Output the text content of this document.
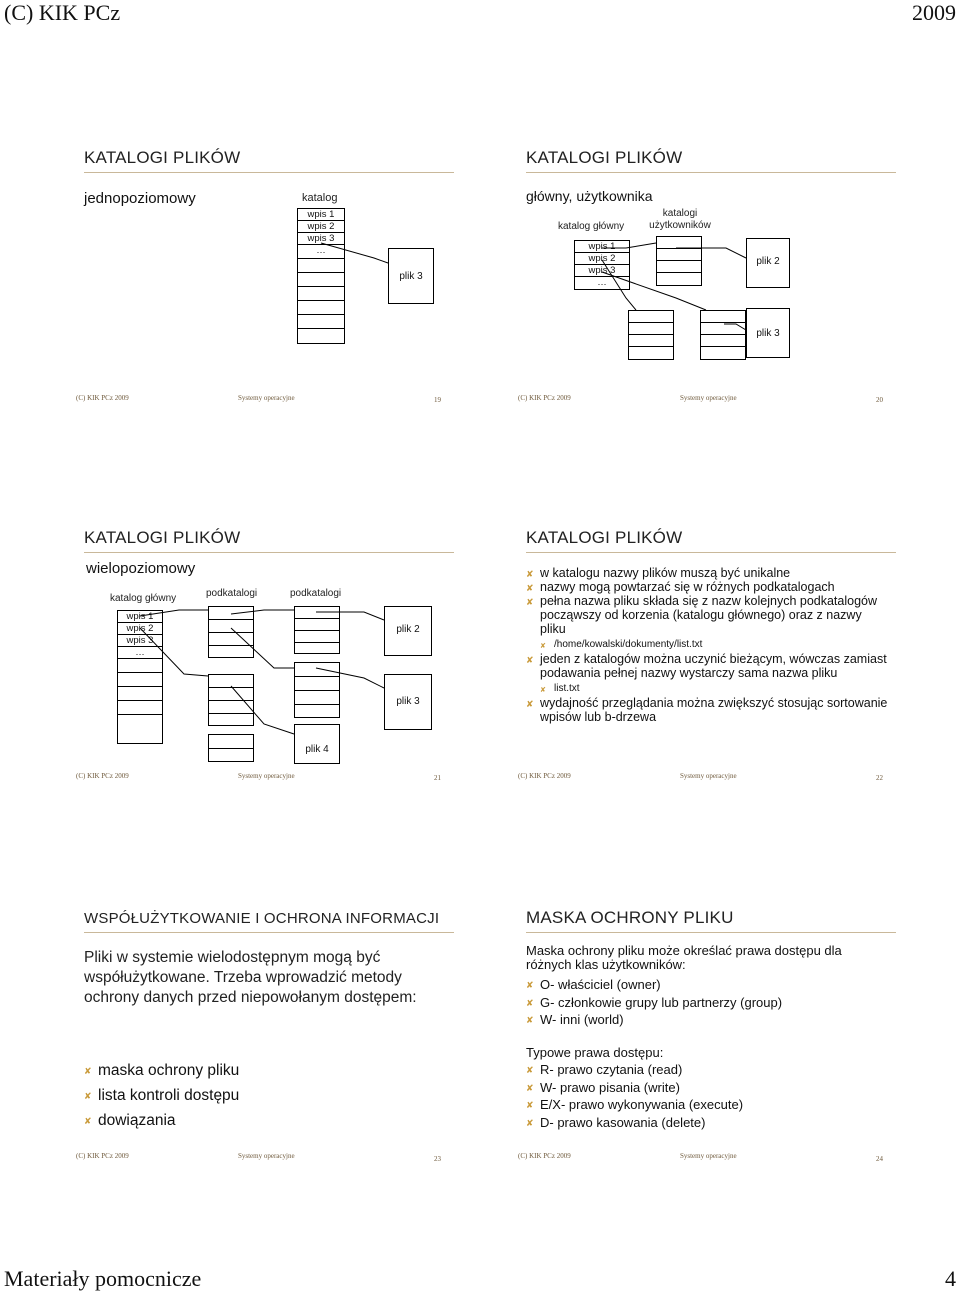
(C) KIK PCz	2009
KATALOGI PLIKÓW
jednopoziomowy	katalog
wpis 1
wpis 2
wpis 3
…
plik 3
(C) KIK PCz 2009	Systemy operacyjne	19
KATALOGI PLIKÓW
główny, użytkownika
katalog główny
katalogi użytkowników
wpis 1
wpis 2
wpis 3
…
plik 2
plik 3
(C) KIK PCz 2009	Systemy operacyjne	20
KATALOGI PLIKÓW
wielopoziomowy
katalog główny	podkatalogi	podkatalogi
wpis 1
wpis 2
wpis 3
…
plik 2
plik 3
plik 4
(C) KIK PCz 2009	Systemy operacyjne	21
KATALOGI PLIKÓW
✘ w katalogu nazwy plików muszą być unikalne
✘ nazwy mogą powtarzać się w różnych podkatalogach
✘ pełna nazwa pliku składa się z nazw kolejnych podkatalogów począwszy od korzenia (katalogu głównego) oraz z nazwy pliku
✘ /home/kowalski/dokumenty/list.txt
✘ jeden z katalogów można uczynić bieżącym, wówczas zamiast podawania pełnej nazwy wystarczy sama nazwa pliku
✘ list.txt
✘ wydajność przeglądania można zwiększyć stosując sortowanie wpisów lub b-drzewa
(C) KIK PCz 2009	Systemy operacyjne	22
WSPÓŁUŻYTKOWANIE I OCHRONA INFORMACJI
Pliki w systemie wielodostępnym mogą być współużytkowane. Trzeba wprowadzić metody ochrony danych przed niepowołanym dostępem:
✘ maska ochrony pliku
✘ lista kontroli dostępu
✘ dowiązania
(C) KIK PCz 2009	Systemy operacyjne	23
MASKA OCHRONY PLIKU
Maska ochrony pliku może określać prawa dostępu dla różnych klas użytkowników:
✘ O- właściciel (owner)
✘ G- członkowie grupy lub partnerzy (group)
✘ W- inni (world)
Typowe prawa dostępu:
✘ R- prawo czytania (read)
✘ W- prawo pisania (write)
✘ E/X- prawo wykonywania (execute)
✘ D- prawo kasowania (delete)
(C) KIK PCz 2009	Systemy operacyjne	24
Materiały pomocnicze	4
